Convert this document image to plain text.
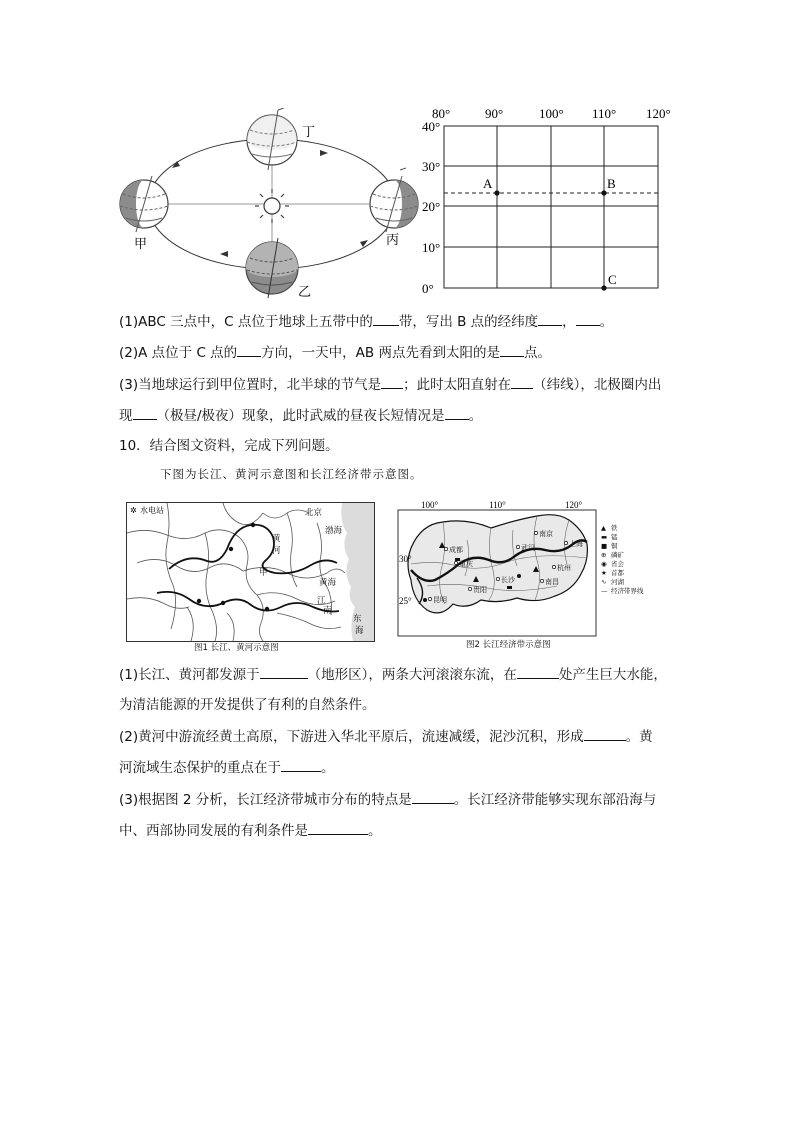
丁
甲	丙
乙
A	B
C
80°	90°	100° 110° 120°
40°
30°
20°
10°
0°
(1)ABC 三点中，C 点位于地球上五带中的 带，写出 B 点的经纬度 ， 。
(2)A 点位于 C 点的 方向，一天中，AB 两点先看到太阳的是 点。
(3)当地球运行到甲位置时，北半球的节气是 ；此时太阳直射在 （纬线），北极圈内出
现 （极昼/极夜）现象，此时武威的昼夜长短情况是 。
10．结合图文资料，完成下列问题。
下图为长江、黄河示意图和长江经济带示意图。
✲ 水电站
黄
河
甲
黄海
东
海
江
南
渤海
北京
图1 长江、黄河示意图
100°	110°	120°
30°
25°
成都
重庆
武汉
南京
上海
杭州
长沙	南昌
贵阳
昆明
▲ 铁
▬ 锰
■ 铜
⊕ 磷矿
◉ 省会
★ 首都
∿ 河湖
— 经济带界线
图2 长江经济带示意图
(1)长江、黄河都发源于	（地形区），两条大河滚滚东流，在	处产生巨大水能，
为清洁能源的开发提供了有利的自然条件。
(2)黄河中游流经黄土高原，下游进入华北平原后，流速减缓，泥沙沉积，形成	。黄
河流域生态保护的重点在于	。
(3)根据图 2 分析，长江经济带城市分布的特点是	。长江经济带能够实现东部沿海与
中、西部协同发展的有利条件是	。
